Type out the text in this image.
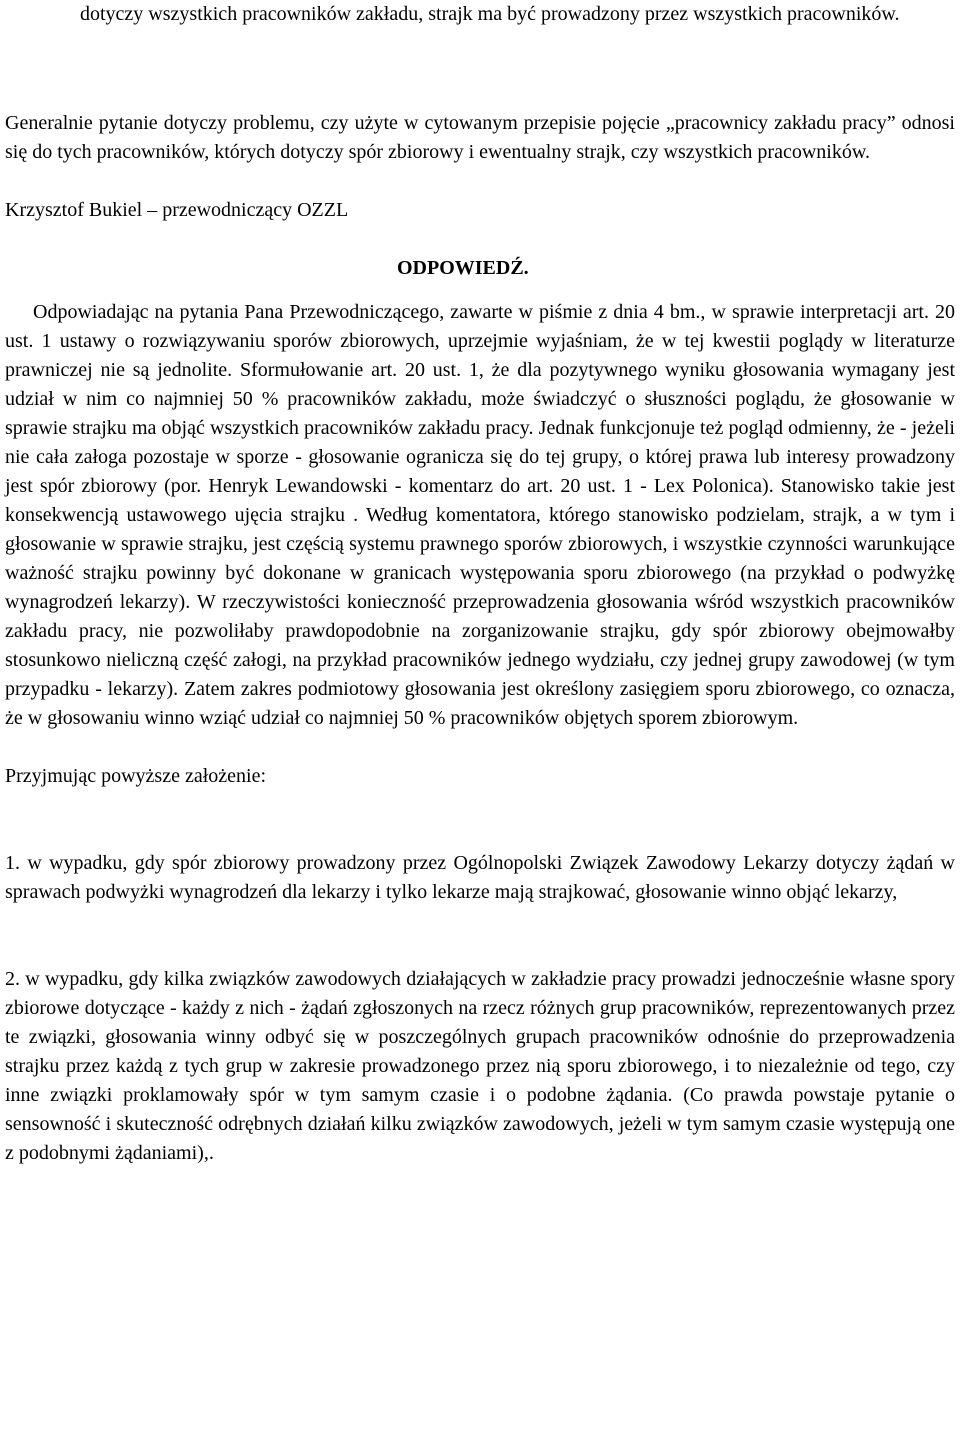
dotyczy wszystkich pracowników zakładu, strajk ma być prowadzony przez wszystkich pracowników.

Generalnie pytanie dotyczy problemu, czy użyte w cytowanym przepisie pojęcie „pracownicy zakładu pracy” odnosi się do tych pracowników, których dotyczy spór zbiorowy i ewentualny strajk, czy wszystkich pracowników.

Krzysztof Bukiel – przewodniczący OZZL

ODPOWIEDŹ.

Odpowiadając na pytania Pana Przewodniczącego, zawarte w piśmie z dnia 4 bm., w sprawie interpretacji art. 20 ust. 1 ustawy o rozwiązywaniu sporów zbiorowych, uprzejmie wyjaśniam, że w tej kwestii poglądy w literaturze prawniczej nie są jednolite. Sformułowanie art. 20 ust. 1, że dla pozytywnego wyniku głosowania wymagany jest udział w nim co najmniej 50 % pracowników zakładu, może świadczyć o słuszności poglądu, że głosowanie w sprawie strajku ma objąć wszystkich pracowników zakładu pracy. Jednak funkcjonuje też pogląd odmienny, że - jeżeli nie cała załoga pozostaje w sporze - głosowanie ogranicza się do tej grupy, o której prawa lub interesy prowadzony jest spór zbiorowy (por. Henryk Lewandowski - komentarz do art. 20 ust. 1 - Lex Polonica). Stanowisko takie jest konsekwencją ustawowego ujęcia strajku . Według komentatora, którego stanowisko podzielam, strajk, a w tym i głosowanie w sprawie strajku, jest częścią systemu prawnego sporów zbiorowych, i wszystkie czynności warunkujące ważność strajku powinny być dokonane w granicach występowania sporu zbiorowego (na przykład o podwyżkę wynagrodzeń lekarzy). W rzeczywistości konieczność przeprowadzenia głosowania wśród wszystkich pracowników zakładu pracy, nie pozwoliłaby prawdopodobnie na zorganizowanie strajku, gdy spór zbiorowy obejmowałby stosunkowo nieliczną część załogi, na przykład pracowników jednego wydziału, czy jednej grupy zawodowej (w tym przypadku - lekarzy). Zatem zakres podmiotowy głosowania jest określony zasięgiem sporu zbiorowego, co oznacza, że w głosowaniu winno wziąć udział co najmniej 50 % pracowników objętych sporem zbiorowym.

Przyjmując powyższe założenie:

1. w wypadku, gdy spór zbiorowy prowadzony przez Ogólnopolski Związek Zawodowy Lekarzy dotyczy żądań w sprawach podwyżki wynagrodzeń dla lekarzy i tylko lekarze mają strajkować, głosowanie winno objąć lekarzy,

2. w wypadku, gdy kilka związków zawodowych działających w zakładzie pracy prowadzi jednocześnie własne spory zbiorowe dotyczące - każdy z nich - żądań zgłoszonych na rzecz różnych grup pracowników, reprezentowanych przez te związki, głosowania winny odbyć się w poszczególnych grupach pracowników odnośnie do przeprowadzenia strajku przez każdą z tych grup w zakresie prowadzonego przez nią sporu zbiorowego, i to niezależnie od tego, czy inne związki proklamowały spór w tym samym czasie i o podobne żądania. (Co prawda powstaje pytanie o sensowność i skuteczność odrębnych działań kilku związków zawodowych, jeżeli w tym samym czasie występują one z podobnymi żądaniami),.
